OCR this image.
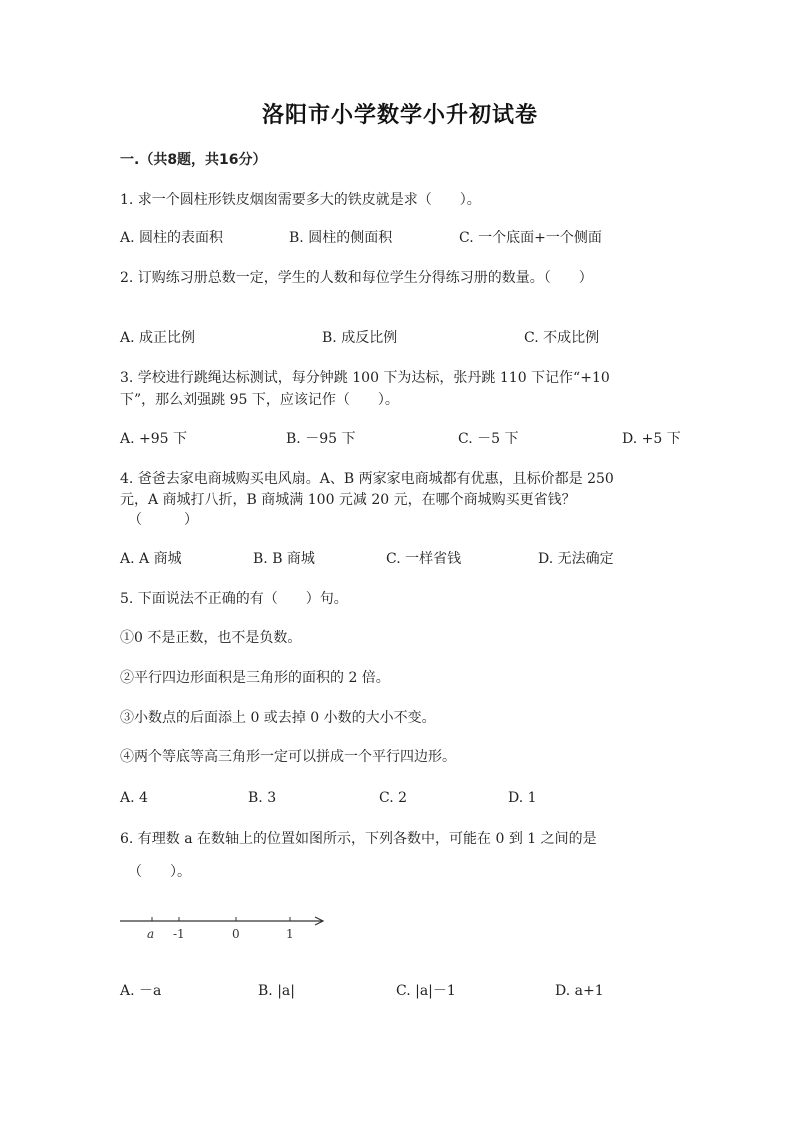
洛阳市小学数学小升初试卷
一.（共8题，共16分）
1. 求一个圆柱形铁皮烟囱需要多大的铁皮就是求（　　）。
A. 圆柱的表面积	B. 圆柱的侧面积	C. 一个底面+一个侧面
2. 订购练习册总数一定，学生的人数和每位学生分得练习册的数量。（　　）
A. 成正比例	B. 成反比例	C. 不成比例
3. 学校进行跳绳达标测试，每分钟跳 100 下为达标，张丹跳 110 下记作“+10
下”，那么刘强跳 95 下，应该记作（　　）。
A. +95 下	B. －95 下	C. －5 下	D. +5 下
4. 爸爸去家电商城购买电风扇。A、B 两家家电商城都有优惠，且标价都是 250
元，A 商城打八折，B 商城满 100 元减 20 元，在哪个商城购买更省钱？
（　　　）
A. A 商城	B. B 商城	C. 一样省钱	D. 无法确定
5. 下面说法不正确的有（　　）句。
①0 不是正数，也不是负数。
②平行四边形面积是三角形的面积的 2 倍。
③小数点的后面添上 0 或去掉 0 小数的大小不变。
④两个等底等高三角形一定可以拼成一个平行四边形。
A. 4	B. 3	C. 2	D. 1
6. 有理数 a 在数轴上的位置如图所示，下列各数中，可能在 0 到 1 之间的是
（　　）。
a -1	0	1
A. －a	B. |a|	C. |a|－1	D. a+1
